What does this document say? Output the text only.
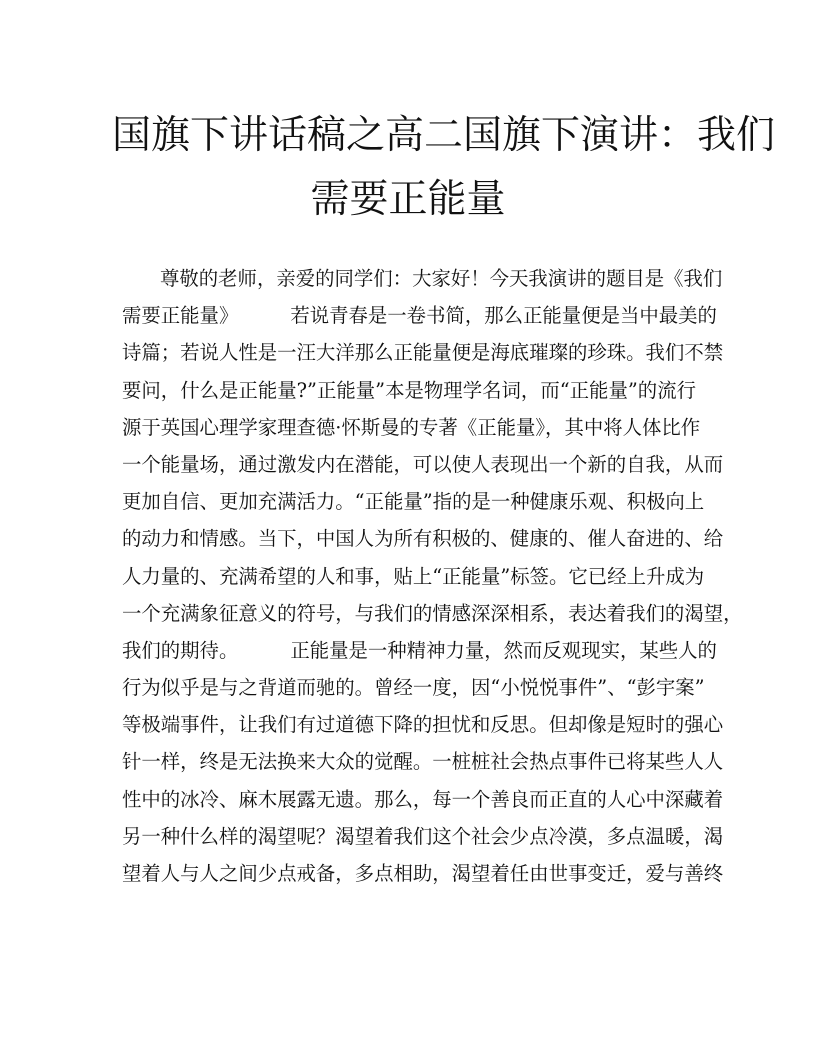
国旗下讲话稿之高二国旗下演讲：我们
需要正能量
尊敬的老师，亲爱的同学们：大家好！今天我演讲的题目是《我们
需要正能量》	若说青春是一卷书简，那么正能量便是当中最美的
诗篇；若说人性是一汪大洋那么正能量便是海底璀璨的珍珠。我们不禁
要问，什么是正能量?”正能量”本是物理学名词，而“正能量”的流行
源于英国心理学家理查德·怀斯曼的专著《正能量》，其中将人体比作
一个能量场，通过激发内在潜能，可以使人表现出一个新的自我，从而
更加自信、更加充满活力。“正能量”指的是一种健康乐观、积极向上
的动力和情感。当下，中国人为所有积极的、健康的、催人奋进的、给
人力量的、充满希望的人和事，贴上“正能量”标签。它已经上升成为
一个充满象征意义的符号，与我们的情感深深相系，表达着我们的渴望，
我们的期待。	正能量是一种精神力量，然而反观现实，某些人的
行为似乎是与之背道而驰的。曾经一度，因“小悦悦事件”、“彭宇案”
等极端事件，让我们有过道德下降的担忧和反思。但却像是短时的强心
针一样，终是无法换来大众的觉醒。一桩桩社会热点事件已将某些人人
性中的冰冷、麻木展露无遗。那么，每一个善良而正直的人心中深藏着
另一种什么样的渴望呢？渴望着我们这个社会少点冷漠，多点温暖，渴
望着人与人之间少点戒备，多点相助，渴望着任由世事变迁，爱与善终
